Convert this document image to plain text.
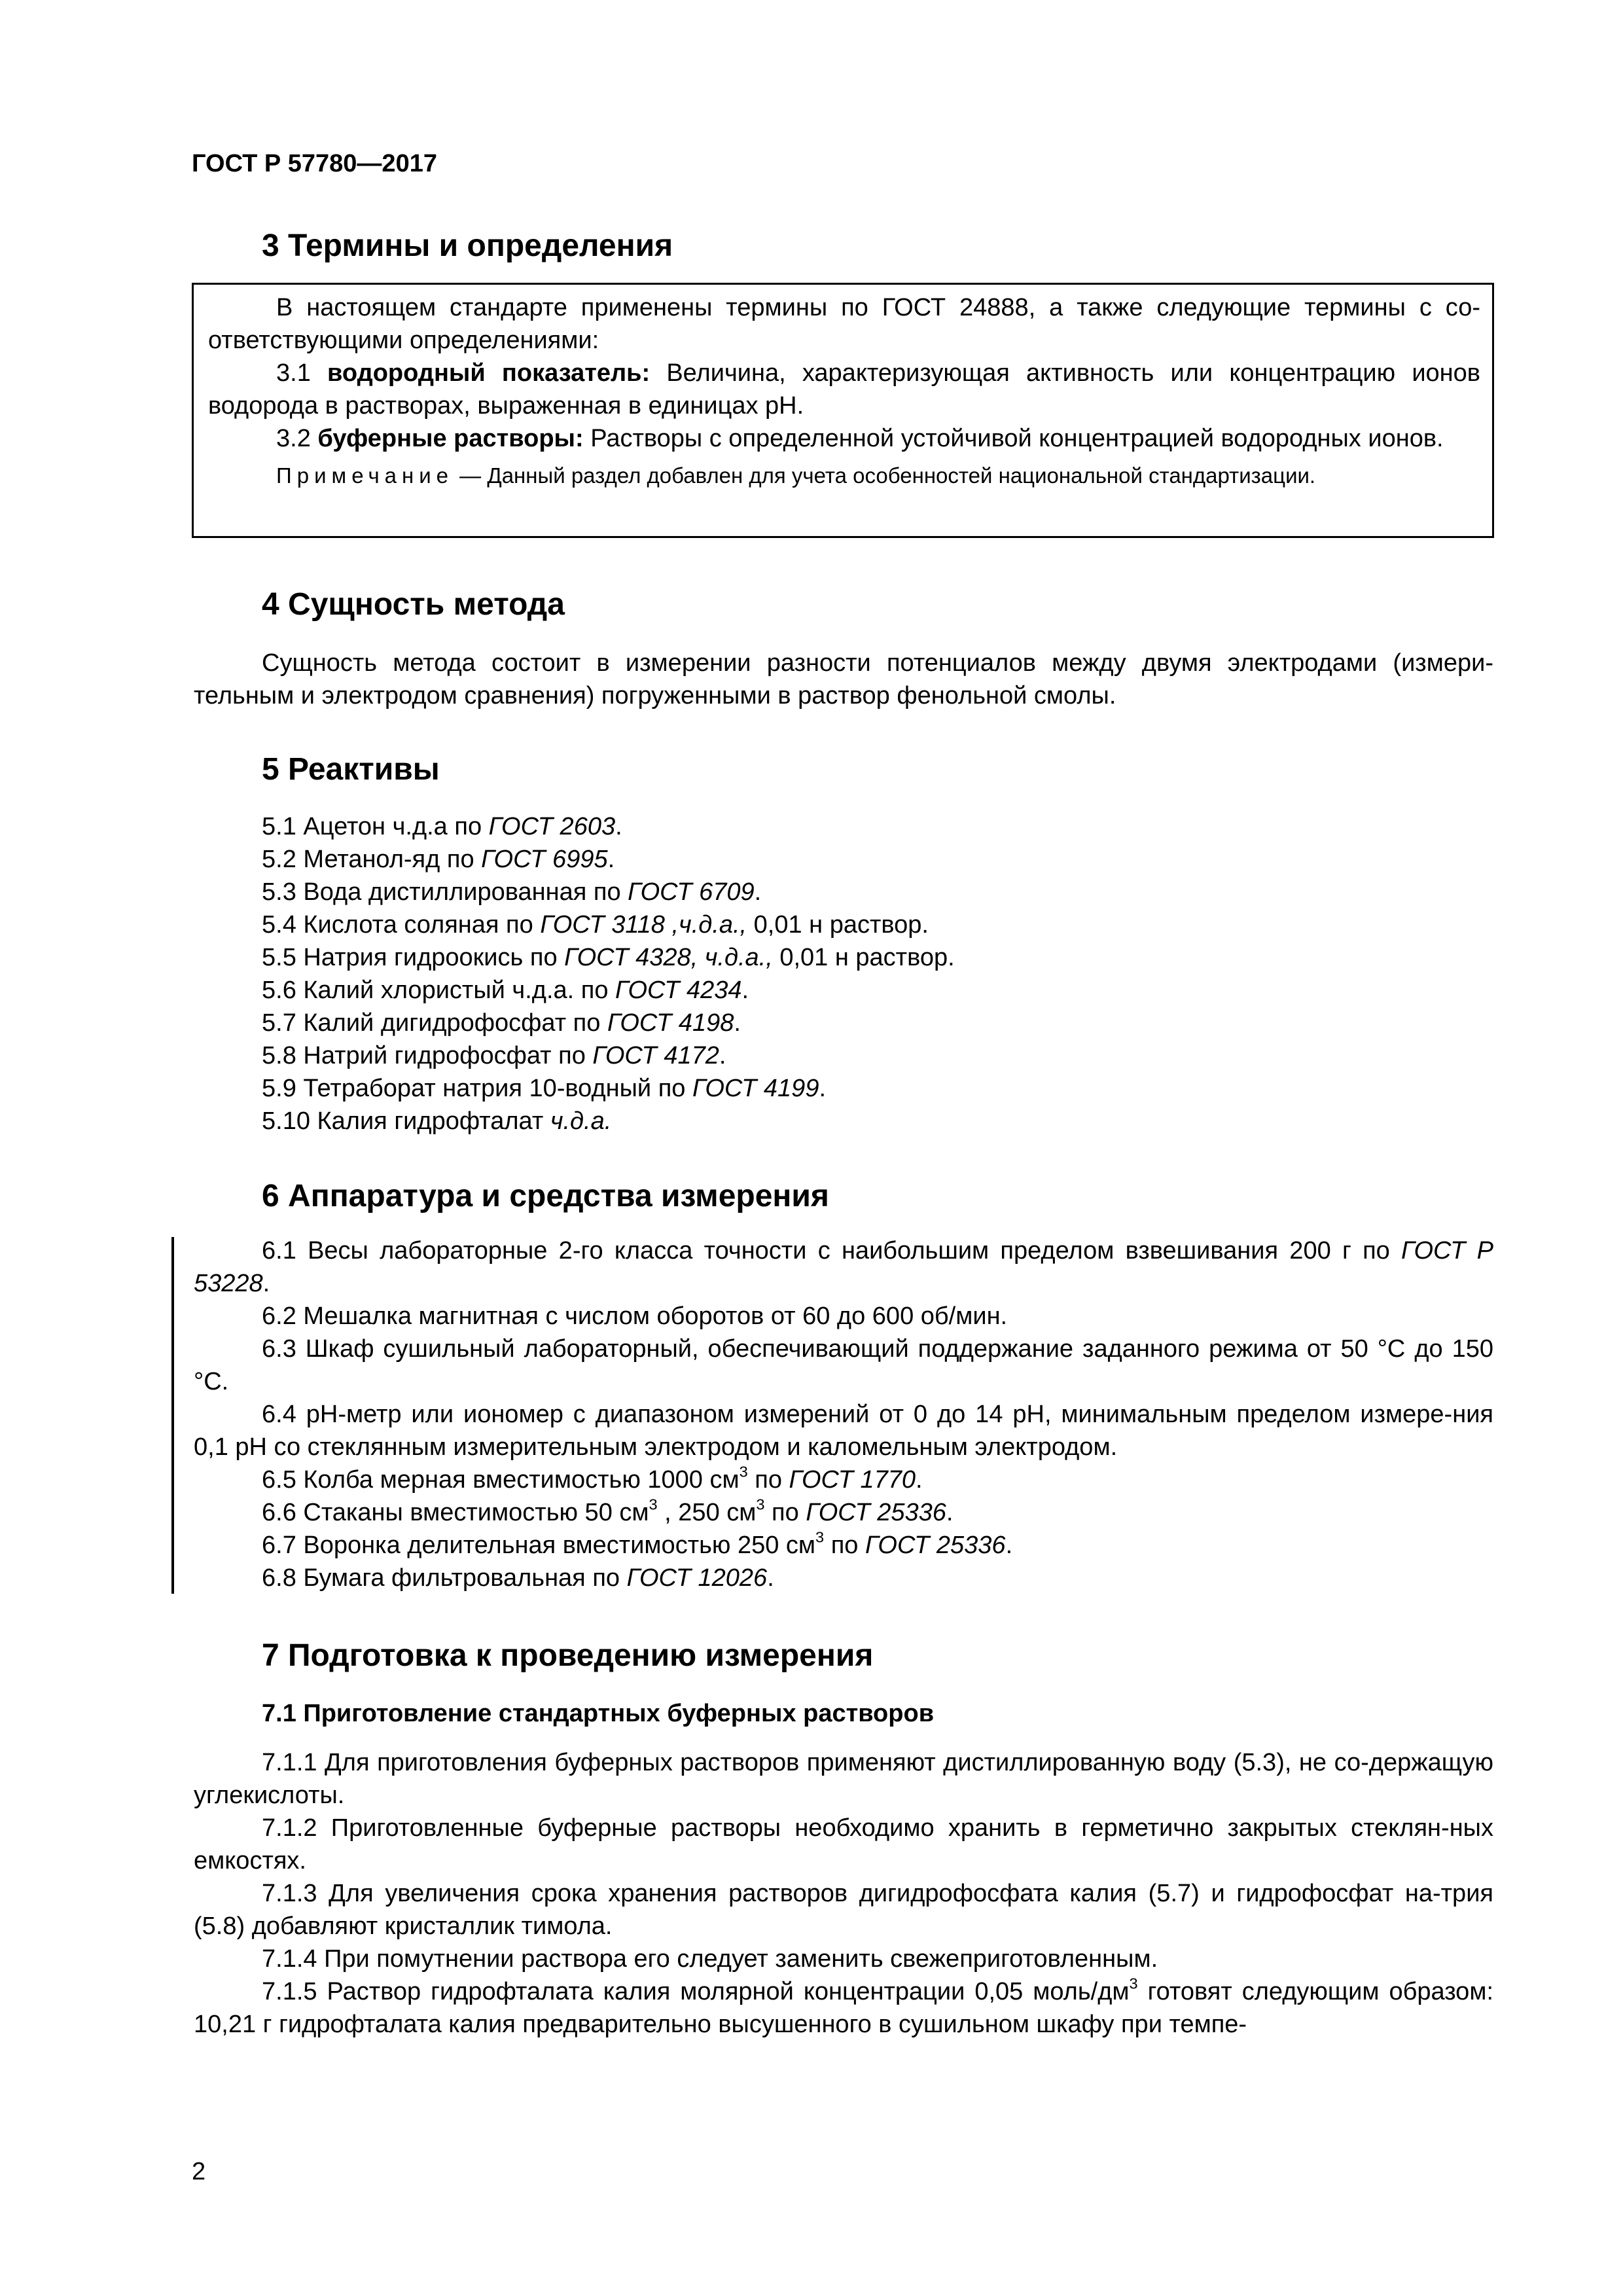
ГОСТ Р 57780—2017
3 Термины и определения

В настоящем стандарте применены термины по ГОСТ 24888, а также следующие термины с со-ответствующими определениями:

3.1 водородный показатель: Величина, характеризующая активность или концентрацию ионов водорода в растворах, выраженная в единицах pH.

3.2 буферные растворы: Растворы с определенной устойчивой концентрацией водородных ионов.

Примечание — Данный раздел добавлен для учета особенностей национальной стандартизации.

4 Сущность метода

Сущность метода состоит в измерении разности потенциалов между двумя электродами (измери-тельным и электродом сравнения) погруженными в раствор фенольной смолы.

5 Реактивы
5.1 Ацетон ч.д.а по ГОСТ 2603.
5.2 Метанол-яд по ГОСТ 6995.
5.3 Вода дистиллированная по ГОСТ 6709.
5.4 Кислота соляная по ГОСТ 3118 ,ч.д.а., 0,01 н раствор.
5.5 Натрия гидроокись по ГОСТ 4328, ч.д.а., 0,01 н раствор.
5.6 Калий хлористый ч.д.а. по ГОСТ 4234.
5.7 Калий дигидрофосфат по ГОСТ 4198.
5.8 Натрий гидрофосфат по ГОСТ 4172.
5.9 Тетраборат натрия 10-водный по ГОСТ 4199.
5.10 Калия гидрофталат ч.д.а.
6 Аппаратура и средства измерения

6.1 Весы лабораторные 2-го класса точности с наибольшим пределом взвешивания 200 г по ГОСТ Р 53228.

6.2 Мешалка магнитная с числом оборотов от 60 до 600 об/мин.

6.3 Шкаф сушильный лабораторный, обеспечивающий поддержание заданного режима от 50 °С до 150 °С.

6.4 pH-метр или иономер с диапазоном измерений от 0 до 14 pH, минимальным пределом измере-ния 0,1 pH со стеклянным измерительным электродом и каломельным электродом.

6.5 Колба мерная вместимостью 1000 $см^3$ по ГОСТ 1770.

6.6 Стаканы вместимостью 50 $см^3$ , 250 $см^3$ по ГОСТ 25336.

6.7 Воронка делительная вместимостью 250 $см^3$ по ГОСТ 25336.

6.8 Бумага фильтровальная по ГОСТ 12026.

7 Подготовка к проведению измерения
7.1 Приготовление стандартных буферных растворов

7.1.1 Для приготовления буферных растворов применяют дистиллированную воду (5.3), не со-держащую углекислоты.

7.1.2 Приготовленные буферные растворы необходимо хранить в герметично закрытых стеклян-ных емкостях.

7.1.3 Для увеличения срока хранения растворов дигидрофосфата калия (5.7) и гидрофосфат на-трия (5.8) добавляют кристаллик тимола.

7.1.4 При помутнении раствора его следует заменить свежеприготовленным.

7.1.5 Раствор гидрофталата калия молярной концентрации 0,05 моль/$дм^3$ готовят следующим образом: 10,21 г гидрофталата калия предварительно высушенного в сушильном шкафу при темпе-

2
